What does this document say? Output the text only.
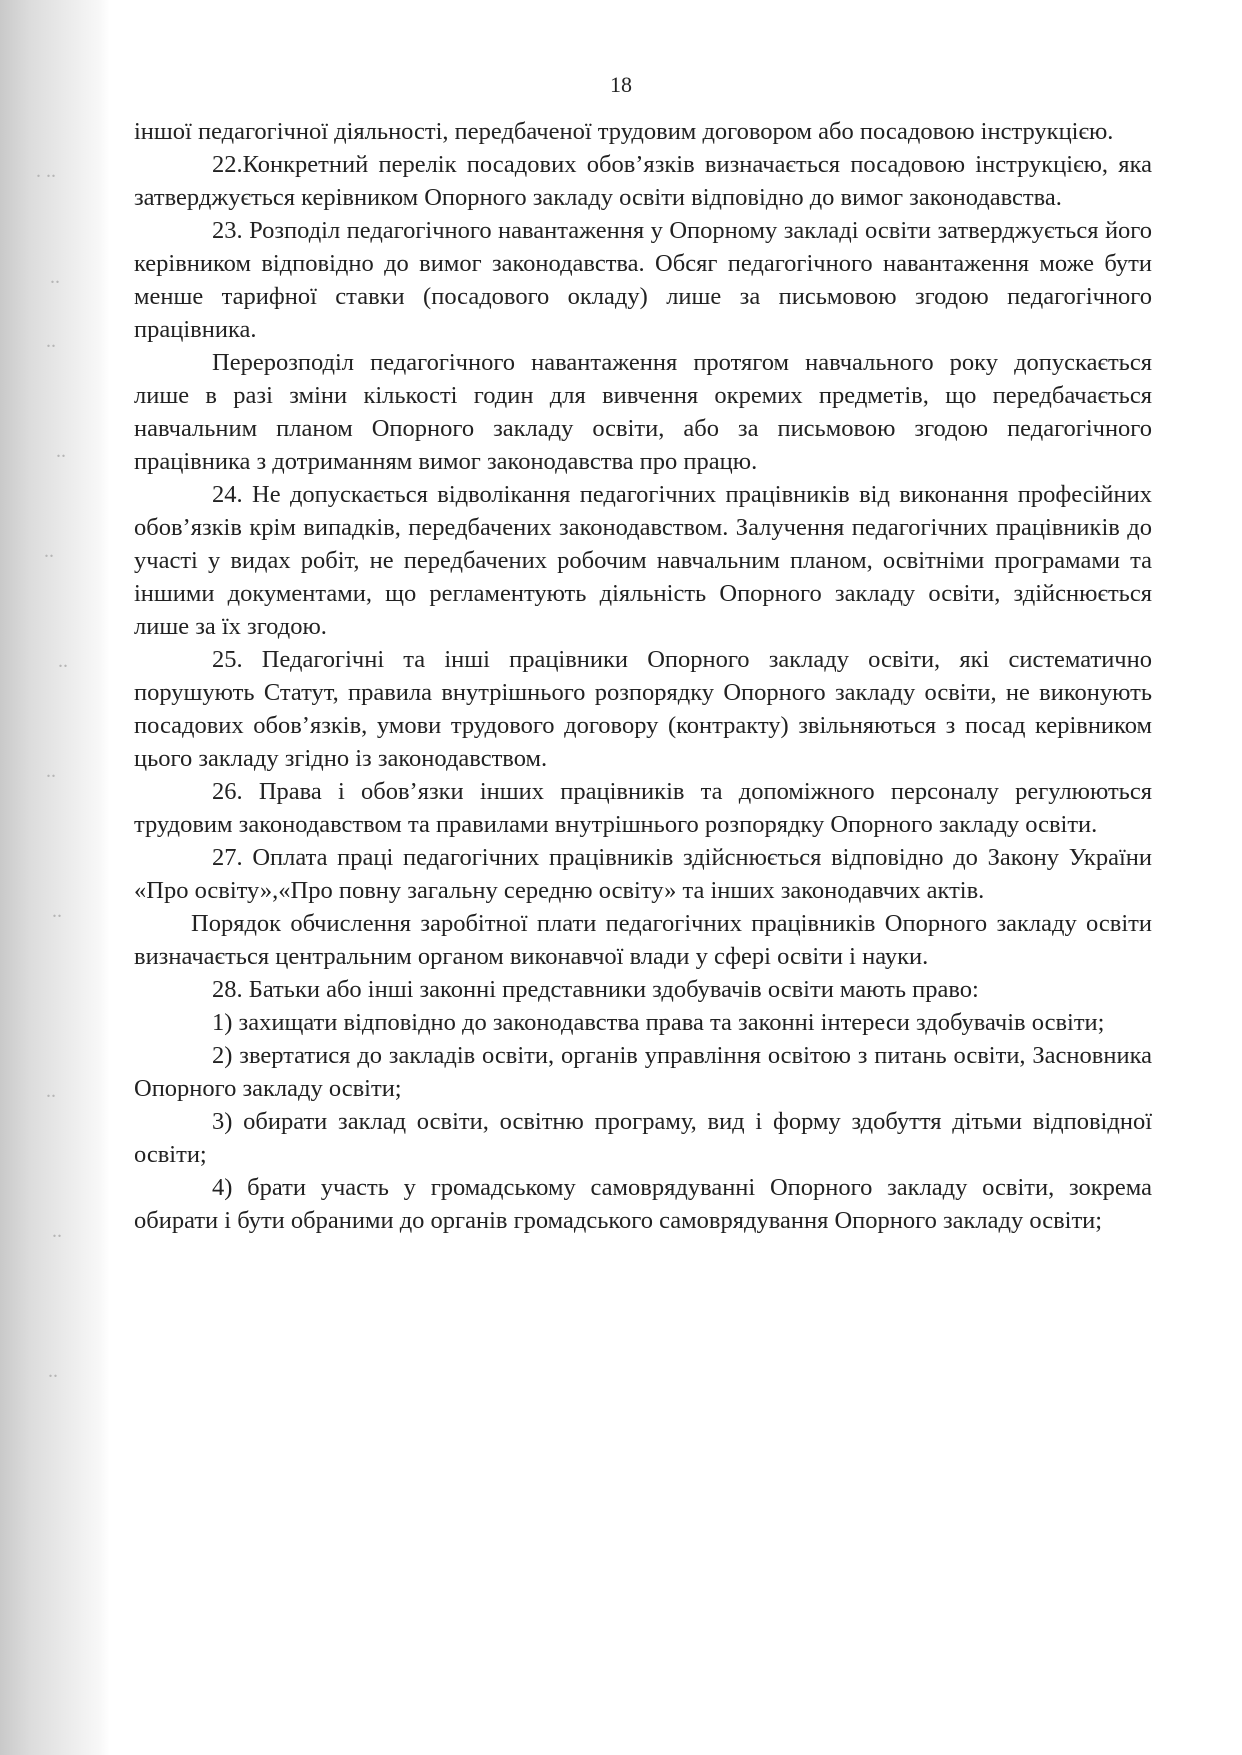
. ..
..
..
..
..
..
..
..
..
..
..
18

іншої педагогічної діяльності, передбаченої трудовим договором або посадовою інструкцією.

22.Конкретний перелік посадових обов’язків визначається посадовою інструкцією, яка затверджується керівником Опорного закладу освіти відповідно до вимог законодавства.

23. Розподіл педагогічного навантаження у Опорному закладі освіти затверджується його керівником відповідно до вимог законодавства. Обсяг педагогічного навантаження може бути менше тарифної ставки (посадового окладу) лише за письмовою згодою педагогічного працівника.

Перерозподіл педагогічного навантаження протягом навчального року допускається лише в разі зміни кількості годин для вивчення окремих предметів, що передбачається навчальним планом Опорного закладу освіти, або за письмовою згодою педагогічного працівника з дотриманням вимог законодавства про працю.

24. Не допускається відволікання педагогічних працівників від виконання професійних обов’язків крім випадків, передбачених законодавством. Залучення педагогічних працівників до участі у видах робіт, не передбачених робочим навчальним планом, освітніми програмами та іншими документами, що регламентують діяльність Опорного закладу освіти, здійснюється лише за їх згодою.

25. Педагогічні та інші працівники Опорного закладу освіти, які систематично порушують Статут, правила внутрішнього розпорядку Опорного закладу освіти, не виконують посадових обов’язків, умови трудового договору (контракту) звільняються з посад керівником цього закладу згідно із законодавством.

26. Права і обов’язки інших працівників та допоміжного персоналу регулюються трудовим законодавством та правилами внутрішнього розпорядку Опорного закладу освіти.

27. Оплата праці педагогічних працівників здійснюється відповідно до Закону України «Про освіту»,«Про повну загальну середню освіту» та інших законодавчих актів.

Порядок обчислення заробітної плати педагогічних працівників Опорного закладу освіти визначається центральним органом виконавчої влади у сфері освіти і науки.

28. Батьки або інші законні представники здобувачів освіти мають право:

1) захищати відповідно до законодавства права та законні інтереси здобувачів освіти;

2) звертатися до закладів освіти, органів управління освітою з питань освіти, Засновника Опорного закладу освіти;

3) обирати заклад освіти, освітню програму, вид і форму здобуття дітьми відповідної освіти;

4) брати участь у громадському самоврядуванні Опорного закладу освіти, зокрема обирати і бути обраними до органів громадського самоврядування Опорного закладу освіти;
